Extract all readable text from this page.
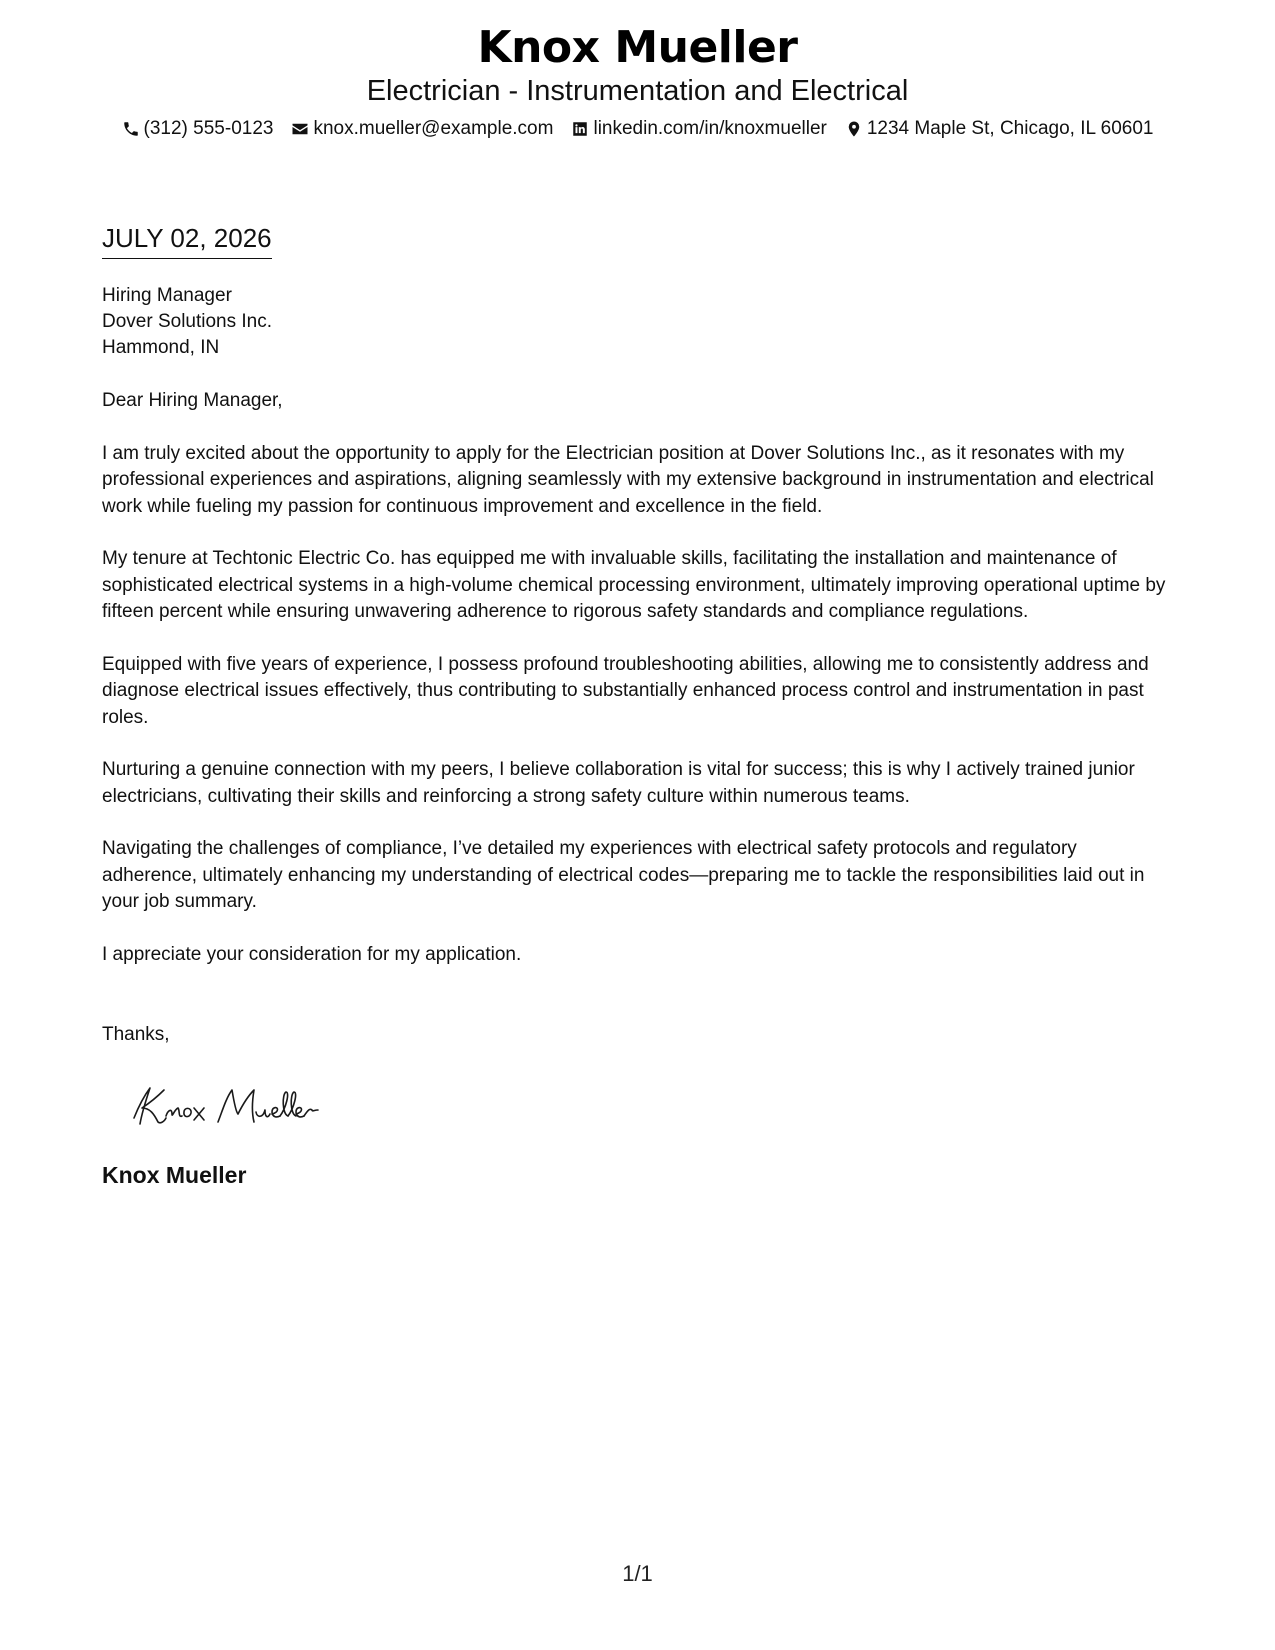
Knox Mueller
Electrician - Instrumentation and Electrical
(312) 555-0123 knox.mueller@example.com linkedin.com/in/knoxmueller 1234 Maple St, Chicago, IL 60601
JULY 02, 2026
Hiring Manager
Dover Solutions Inc.
Hammond, IN

Dear Hiring Manager,

I am truly excited about the opportunity to apply for the Electrician position at Dover Solutions Inc., as it resonates with my professional experiences and aspirations, aligning seamlessly with my extensive background in instrumentation and electrical work while fueling my passion for continuous improvement and excellence in the field.

My tenure at Techtonic Electric Co. has equipped me with invaluable skills, facilitating the installation and maintenance of sophisticated electrical systems in a high-volume chemical processing environment, ultimately improving operational uptime by fifteen percent while ensuring unwavering adherence to rigorous safety standards and compliance regulations.

Equipped with five years of experience, I possess profound troubleshooting abilities, allowing me to consistently address and diagnose electrical issues effectively, thus contributing to substantially enhanced process control and instrumentation in past roles.

Nurturing a genuine connection with my peers, I believe collaboration is vital for success; this is why I actively trained junior electricians, cultivating their skills and reinforcing a strong safety culture within numerous teams.

Navigating the challenges of compliance, I’ve detailed my experiences with electrical safety protocols and regulatory adherence, ultimately enhancing my understanding of electrical codes—preparing me to tackle the responsibilities laid out in your job summary.

I appreciate your consideration for my application.

Thanks,
Knox Mueller
1/1
